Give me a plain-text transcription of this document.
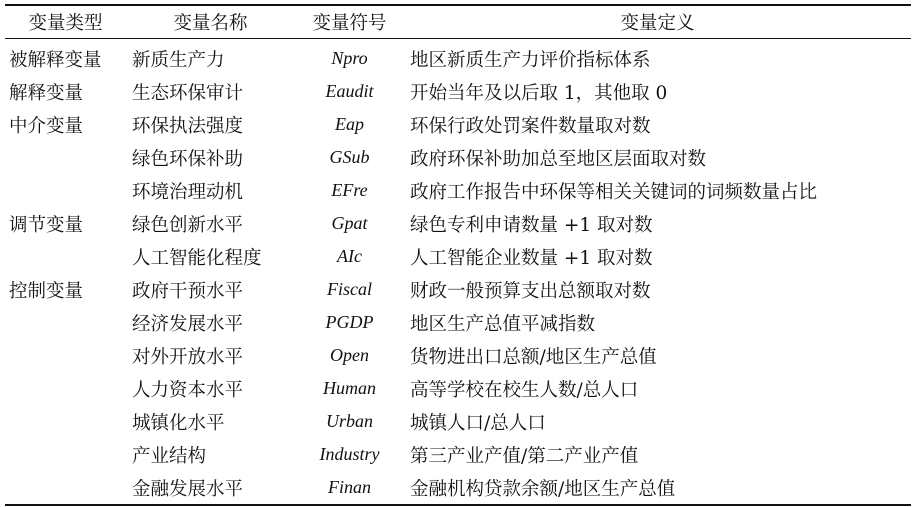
变量类型	变量名称	变量符号	变量定义
被解释变量	新质生产力	Npro	地区新质生产力评价指标体系
解释变量	生态环保审计	Eaudit	开始当年及以后取 1，其他取 0
中介变量	环保执法强度	Eap	环保行政处罚案件数量取对数
	绿色环保补助	GSub	政府环保补助加总至地区层面取对数
	环境治理动机	EFre	政府工作报告中环保等相关关键词的词频数量占比
调节变量	绿色创新水平	Gpat	绿色专利申请数量 +1 取对数
	人工智能化程度	AIc	人工智能企业数量 +1 取对数
控制变量	政府干预水平	Fiscal	财政一般预算支出总额取对数
	经济发展水平	PGDP	地区生产总值平减指数
	对外开放水平	Open	货物进出口总额/地区生产总值
	人力资本水平	Human	高等学校在校生人数/总人口
	城镇化水平	Urban	城镇人口/总人口
	产业结构	Industry	第三产业产值/第二产业产值
	金融发展水平	Finan	金融机构贷款余额/地区生产总值
